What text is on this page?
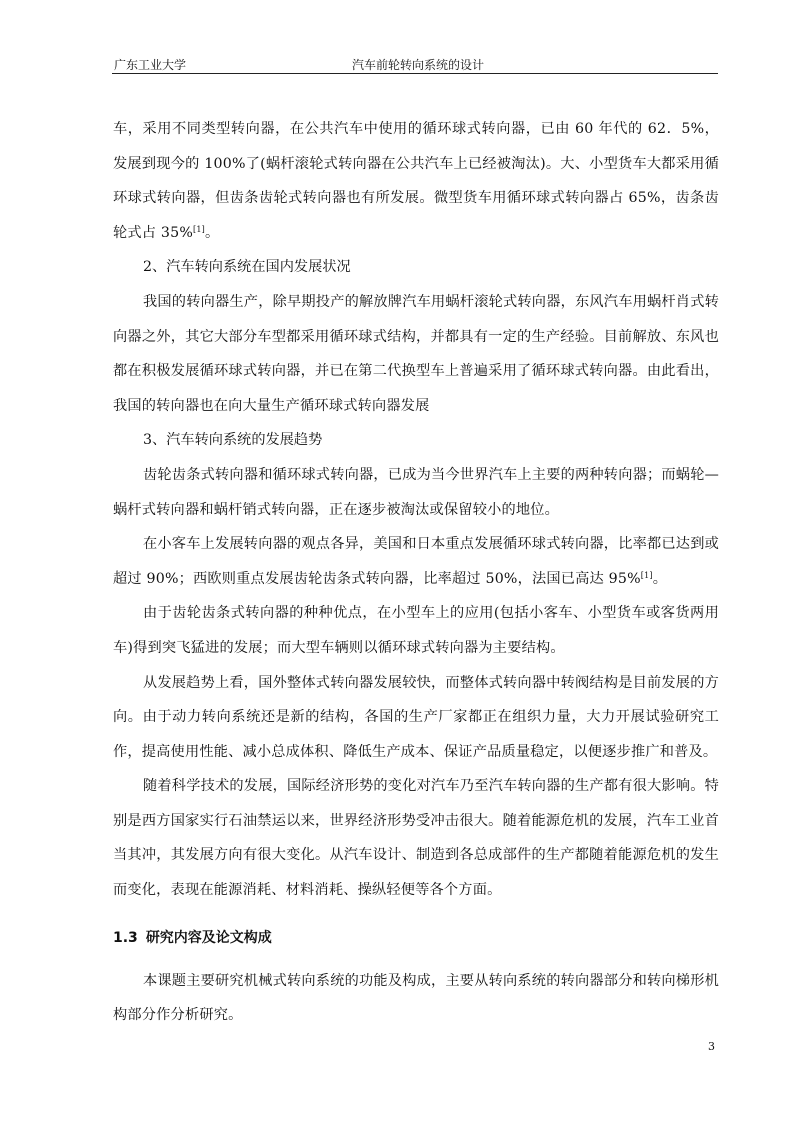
广东工业大学	汽车前轮转向系统的设计

车，采用不同类型转向器，在公共汽车中使用的循环球式转向器，已由 60 年代的 62．5%，发展到现今的 100%了(蜗杆滚轮式转向器在公共汽车上已经被淘汰)。大、小型货车大都采用循环球式转向器，但齿条齿轮式转向器也有所发展。微型货车用循环球式转向器占 65%，齿条齿轮式占 35%[1]。

2、汽车转向系统在国内发展状况

我国的转向器生产，除早期投产的解放牌汽车用蜗杆滚轮式转向器，东风汽车用蜗杆肖式转向器之外，其它大部分车型都采用循环球式结构，并都具有一定的生产经验。目前解放、东风也都在积极发展循环球式转向器，并已在第二代换型车上普遍采用了循环球式转向器。由此看出，我国的转向器也在向大量生产循环球式转向器发展

3、汽车转向系统的发展趋势

齿轮齿条式转向器和循环球式转向器，已成为当今世界汽车上主要的两种转向器；而蜗轮—蜗杆式转向器和蜗杆销式转向器，正在逐步被淘汰或保留较小的地位。

在小客车上发展转向器的观点各异，美国和日本重点发展循环球式转向器，比率都已达到或超过 90%；西欧则重点发展齿轮齿条式转向器，比率超过 50%，法国已高达 95%[1]。

由于齿轮齿条式转向器的种种优点，在小型车上的应用(包括小客车、小型货车或客货两用车)得到突飞猛进的发展；而大型车辆则以循环球式转向器为主要结构。

从发展趋势上看，国外整体式转向器发展较快，而整体式转向器中转阀结构是目前发展的方向。由于动力转向系统还是新的结构，各国的生产厂家都正在组织力量，大力开展试验研究工作，提高使用性能、减小总成体积、降低生产成本、保证产品质量稳定，以便逐步推广和普及。

随着科学技术的发展，国际经济形势的变化对汽车乃至汽车转向器的生产都有很大影响。特别是西方国家实行石油禁运以来，世界经济形势受冲击很大。随着能源危机的发展，汽车工业首当其冲，其发展方向有很大变化。从汽车设计、制造到各总成部件的生产都随着能源危机的发生而变化，表现在能源消耗、材料消耗、操纵轻便等各个方面。

1.3 研究内容及论文构成

本课题主要研究机械式转向系统的功能及构成，主要从转向系统的转向器部分和转向梯形机构部分作分析研究。

3
